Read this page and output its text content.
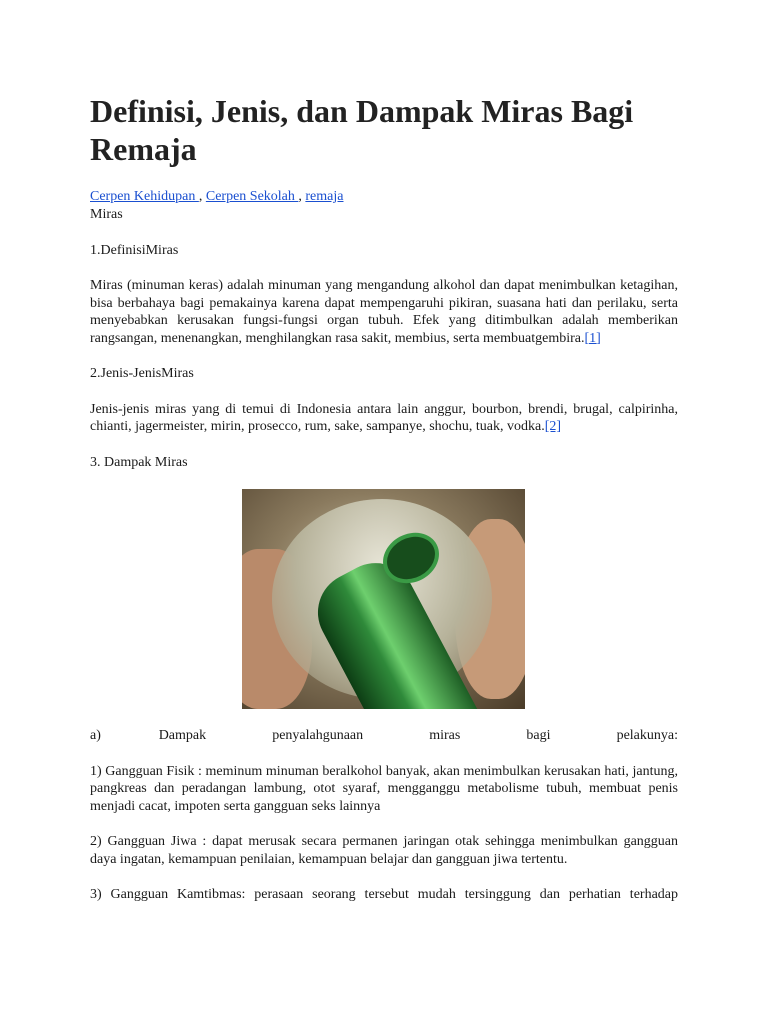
Definisi, Jenis, dan Dampak Miras Bagi Remaja
Cerpen Kehidupan , Cerpen Sekolah , remaja

Miras

1.DefinisiMiras

Miras (minuman keras) adalah minuman yang mengandung alkohol dan dapat menimbulkan ketagihan, bisa berbahaya bagi pemakainya karena dapat mempengaruhi pikiran, suasana hati dan perilaku, serta menyebabkan kerusakan fungsi-fungsi organ tubuh. Efek yang ditimbulkan adalah memberikan rangsangan, menenangkan, menghilangkan rasa sakit, membius, serta membuatgembira.[1]

2.Jenis-JenisMiras

Jenis-jenis miras yang di temui di Indonesia antara lain anggur, bourbon, brendi, brugal, calpirinha, chianti, jagermeister, mirin, prosecco, rum, sake, sampanye, shochu, tuak, vodka.[2]

3. Dampak Miras

a)       Dampak        penyalahgunaan        miras        bagi        pelakunya:

1) Gangguan Fisik : meminum minuman beralkohol banyak, akan menimbulkan kerusakan hati, jantung, pangkreas dan peradangan lambung, otot syaraf, mengganggu metabolisme tubuh, membuat penis menjadi cacat, impoten serta gangguan seks lainnya

2) Gangguan Jiwa : dapat merusak secara permanen jaringan otak sehingga menimbulkan gangguan daya ingatan, kemampuan penilaian, kemampuan belajar dan gangguan jiwa tertentu.

3) Gangguan Kamtibmas: perasaan seorang tersebut mudah tersinggung dan perhatian terhadap
